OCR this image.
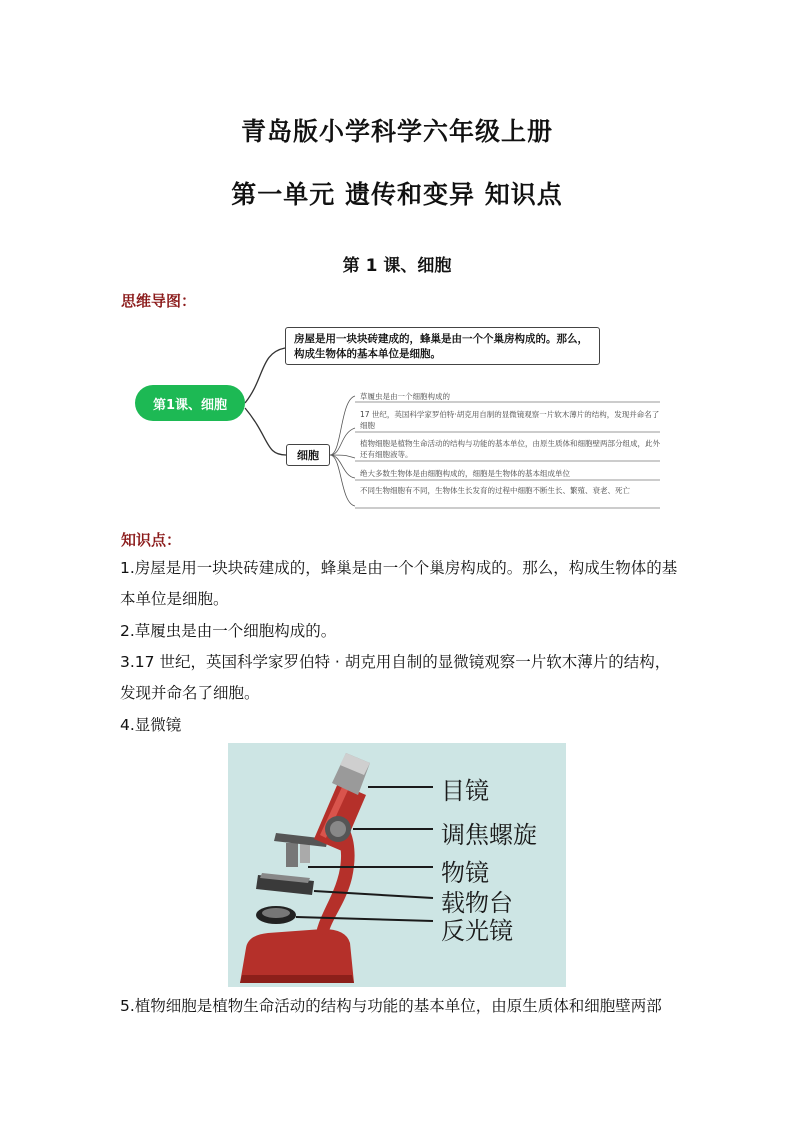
青岛版小学科学六年级上册
第一单元 遗传和变异 知识点
第 1 课、细胞
思维导图：
房屋是用一块块砖建成的，蜂巢是由一个个巢房构成的。那么，构成生物体的基本单位是细胞。
第1课、细胞
细胞
草履虫是由一个细胞构成的
17 世纪，英国科学家罗伯特·胡克用自制的显微镜观察一片软木薄片的结构，发现并命名了细胞
植物细胞是植物生命活动的结构与功能的基本单位，由原生质体和细胞壁两部分组成，此外还有细胞液等。
绝大多数生物体是由细胞构成的，细胞是生物体的基本组成单位
不同生物细胞有不同，生物体生长发育的过程中细胞不断生长、繁殖、衰老、死亡
知识点：
1.房屋是用一块块砖建成的，蜂巢是由一个个巢房构成的。那么，构成生物体的基本单位是细胞。
2.草履虫是由一个细胞构成的。
3.17 世纪，英国科学家罗伯特 · 胡克用自制的显微镜观察一片软木薄片的结构，发现并命名了细胞。
4.显微镜
目镜
调焦螺旋
物镜
载物台
反光镜
5.植物细胞是植物生命活动的结构与功能的基本单位，由原生质体和细胞壁两部
